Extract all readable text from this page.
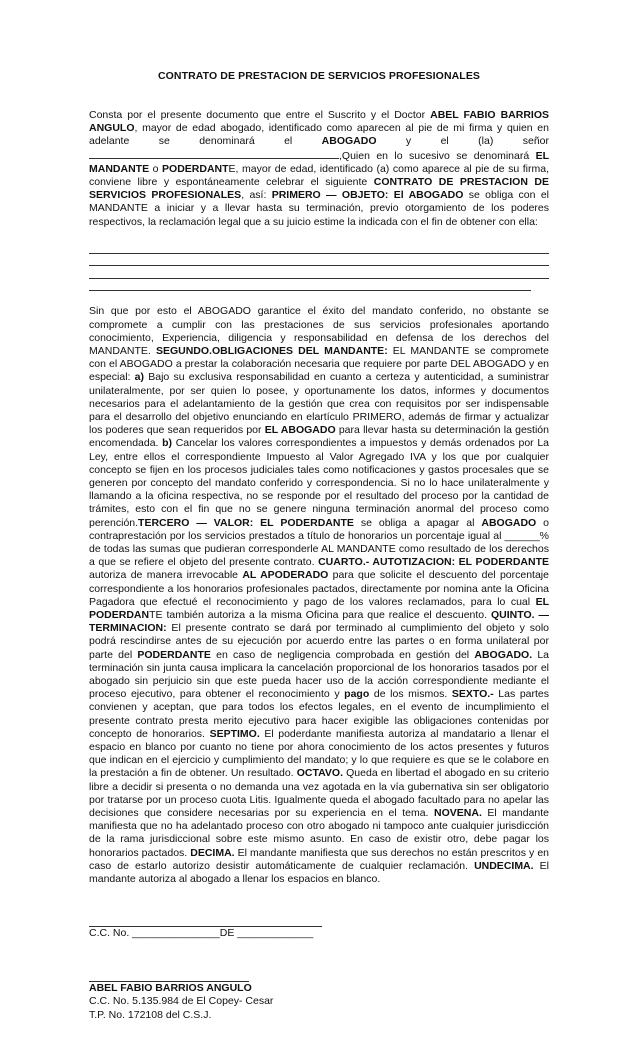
CONTRATO DE PRESTACION DE SERVICIOS PROFESIONALES

Consta por el presente documento que entre el Suscrito y el Doctor ABEL FABIO BARRIOS ANGULO, mayor de edad abogado, identificado como aparecen al pie de mi firma y quien en adelante se denominará el ABOGADO y el (la) señor ,Quien en lo sucesivo se denominará EL MANDANTE o PODERDANTE, mayor de edad, identificado (a) como aparece al pie de su firma, conviene libre y espontáneamente celebrar el siguiente CONTRATO DE PRESTACION DE SERVICIOS PROFESIONALES, así: PRIMERO — OBJETO: El ABOGADO se obliga con el MANDANTE a iniciar y a llevar hasta su terminación, previo otorgamiento de los poderes respectivos, la reclamación legal que a su juicio estime la indicada con el fin de obtener con ella:

Sin que por esto el ABOGADO garantice el éxito del mandato conferido, no obstante se compromete a cumplir con las prestaciones de sus servicios profesionales aportando conocimiento, Experiencia, diligencia y responsabilidad en defensa de los derechos del MANDANTE. SEGUNDO.OBLIGACIONES DEL MANDANTE: EL MANDANTE se compromete con el ABOGADO a prestar la colaboración necesaria que requiere por parte DEL ABOGADO y en especial: a) Bajo su exclusiva responsabilidad en cuanto a certeza y autenticidad, a suministrar unilateralmente, por ser quien lo posee, y oportunamente los datos, informes y documentos necesarios para el adelantamiento de la gestión que crea con requisitos por ser indispensable para el desarrollo del objetivo enunciando en elartículo PRIMERO, además de firmar y actualizar los poderes que sean requeridos por EL ABOGADO para llevar hasta su determinación la gestión encomendada. b) Cancelar los valores correspondientes a impuestos y demás ordenados por La Ley, entre ellos el correspondiente Impuesto al Valor Agregado IVA y los que por cualquier concepto se fijen en los procesos judiciales tales como notificaciones y gastos procesales que se generen por concepto del mandato conferido y correspondencia. Si no lo hace unilateralmente y llamando a la oficina respectiva, no se responde por el resultado del proceso por la cantidad de trámites, esto con el fin que no se genere ninguna terminación anormal del proceso como perención.TERCERO — VALOR: EL PODERDANTE se obliga a apagar al ABOGADO o contraprestación por los servicios prestados a título de honorarios un porcentaje igual al ______% de todas las sumas que pudieran corresponderle AL MANDANTE como resultado de los derechos a que se refiere el objeto del presente contrato. CUARTO.- AUTOTIZACION: EL PODERDANTE autoriza de manera irrevocable AL APODERADO para que solicite el descuento del porcentaje correspondiente a los honorarios profesionales pactados, directamente por nomina ante la Oficina Pagadora que efectué el reconocimiento y pago de los valores reclamados, para lo cual EL PODERDANTE también autoriza a la misma Oficina para que realice el descuento. QUINTO. — TERMINACION: El presente contrato se dará por terminado al cumplimiento del objeto y solo podrá rescindirse antes de su ejecución por acuerdo entre las partes o en forma unilateral por parte del PODERDANTE en caso de negligencia comprobada en gestión del ABOGADO. La terminación sin junta causa implicara la cancelación proporcional de los honorarios tasados por el abogado sin perjuicio sin que este pueda hacer uso de la acción correspondiente mediante el proceso ejecutivo, para obtener el reconocimiento y pago de los mismos. SEXTO.- Las partes convienen y aceptan, que para todos los efectos legales, en el evento de incumplimiento el presente contrato presta merito ejecutivo para hacer exigible las obligaciones contenidas por concepto de honorarios. SEPTIMO. El poderdante manifiesta autoriza al mandatario a llenar el espacio en blanco por cuanto no tiene por ahora conocimiento de los actos presentes y futuros que indican en el ejercicio y cumplimiento del mandato; y lo que requiere es que se le colabore en la prestación a fin de obtener. Un resultado. OCTAVO. Queda en libertad el abogado en su criterio libre a decidir si presenta o no demanda una vez agotada en la vía gubernativa sin ser obligatorio por tratarse por un proceso cuota Litis. Igualmente queda el abogado facultado para no apelar las decisiones que considere necesarias por su experiencia en el tema. NOVENA. El mandante manifiesta que no ha adelantado proceso con otro abogado ni tampoco ante cualquier jurisdicción de la rama jurisdiccional sobre este mismo asunto. En caso de existir otro, debe pagar los honorarios pactados. DECIMA. El mandante manifiesta que sus derechos no están prescritos y en caso de estarlo autorizo desistir automáticamente de cualquier reclamación. UNDECIMA. El mandante autoriza al abogado a llenar los espacios en blanco.

C.C. No. _______________DE _____________
ABEL FABIO BARRIOS ANGULO
C.C. No. 5.135.984 de El Copey- Cesar
T.P. No. 172108 del C.S.J.
